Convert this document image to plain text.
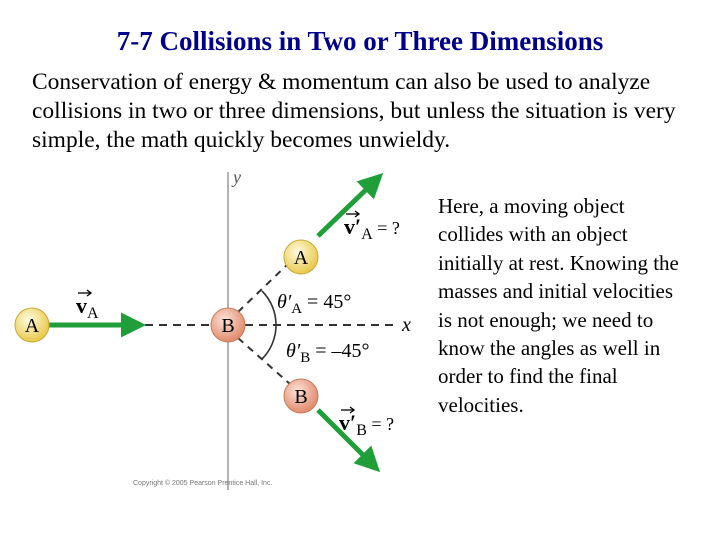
7-7 Collisions in Two or Three Dimensions
Conservation of energy & momentum can also be used to analyze collisions in two or three dimensions, but unless the situation is very simple, the math quickly becomes unwieldy.
y
x
A	B
A
B
$v_A$
$v'_A$ = ?
$v'_B$ = ?
$\theta'_A = 45^\circ$
$\theta'_B = -45^\circ$
Here, a moving object collides with an object initially at rest. Knowing the masses and initial velocities is not enough; we need to know the angles as well in order to find the final velocities.
Copyright © 2005 Pearson Prentice Hall, Inc.
